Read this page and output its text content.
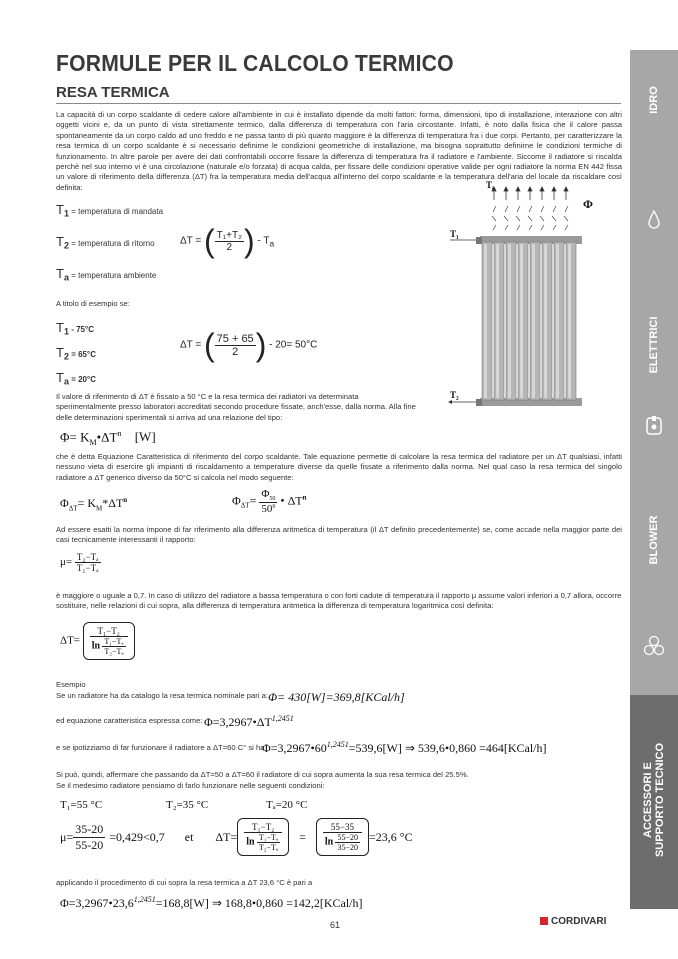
FORMULE PER IL CALCOLO TERMICO
RESA TERMICA
La capacità di un corpo scaldante di cedere calore all'ambiente in cui è installato dipende da molti fattori: forma, dimensioni, tipo di installazione, interazione con altri oggetti vicini e, da un punto di vista strettamente termico, dalla differenza di temperatura con l'aria circostante. Infatti, è noto dalla fisica che il calore passa spontaneamente da un corpo caldo ad uno freddo e ne passa tanto di più quanto maggiore è la differenza di temperatura fra i due corpi. Pertanto, per caratterizzare la resa termica di un corpo scaldante è si necessario definirne le condizioni geometriche di installazione, ma bisogna soprattutto definirne le condizioni termiche di funzionamento. In altre parole per avere dei dati confrontabili occorre fissare la differenza di temperatura fra il radiatore e l'ambiente. Siccome il radiatore si riscalda perchè nel suo interno vi è una circolazione (naturale e/o forzata) di acqua calda, per fissare delle condizioni operative valide per ogni radiatore la norma EN 442 fissa un valore di riferimento della differenza (ΔT) fra la temperatura media dell'acqua all'interno del corpo scaldante e la temperatura dell'aria del locale da riscaldare così definita:
$T_1$ = temperatura di mandata
$T_2$ = temperatura di ritorno
$T_a$ = temperatura ambiente
ΔT = ( $\frac{\text{T₁+T₂}}{2}$ ) - $T_a$
A titolo di esempio se:
$T_1 - 75^\circ C$
$T_2 = 65^\circ C$
$T_a = 20^\circ C$
ΔT = ( $\frac{75 + 65}{2}$ ) - 20= 50°C
Tₐ
Φ
T₁
T₂
Il valore di riferimento di ΔT è fissato a 50 °C e la resa termica dei radiatori va determinata sperimentalmente presso laboratori accreditati secondo procedure fissate, anch'esse, dalla norma. Alla fine delle determinazioni sperimentali si arriva ad una relazione del tipo:
$\Phi= K_M•\Delta T^n$ [W]
che è detta Equazione Caratteristica di riferimento del corpo scaldante. Tale equazione permette di calcolare la resa termica del radiatore per un ΔT qualsiasi, infatti nessuno vieta di esercire gli impianti di riscaldamento a temperature diverse da quelle fissate a riferimento dalla norma. Nel qual caso la resa termica del singolo radiatore a ΔT generico diverso da 50°C si calcola nel modo seguente:
$\Phi_{\Delta T}= K_M*\Delta T^n$	$\Phi_{\Delta T}= \frac{\Phi_{50}}{50^n}$ • $\Delta T^n$
Ad essere esatti la norma impone di far riferimento alla differenza aritmetica di temperatura (il ΔT definito precedentemente) se, come accade nella maggior parte dei casi tecnicamente interessanti il rapporto:
$\mu= \frac{\text{T₂−Tₐ}}{\text{T₁−Tₐ}}$
è maggiore o uguale a 0,7. In caso di utilizzo del radiatore a bassa temperatura o con forti cadute di temperatura il rapporto μ assume valori inferiori a 0,7 allora, occorre sostituire, nelle relazioni di cui sopra, alla differenza di temperatura aritmetica la differenza di temperatura logaritmica così definita:
$\Delta T= \frac{\text{T₁−T₂}}{\ln \frac{\text{T₁−Tₐ}}{\text{T₂−Tₐ}}}$
Esempio
Se un radiatore ha da catalogo la resa termica nominale pari a: Φ= 430[W]=369,8[KCal/h]
ed equazione caratteristica espressa come: $\Phi=3,2967•\Delta T^{1,2451}$
e se ipotizziamo di far funzionare il radiatore a ΔT=60 C° si ha
$\Phi=3,2967•60^{1,2451}=539,6[W]$ ⇒ 539,6•0,860 =464[KCal/h]
Si può, quindi, affermare che passando da ΔT=50 a ΔT=60 il radiatore di cui sopra aumenta la sua resa termica del 25.5%.
Se il medesimo radiatore pensiamo di farlo funzionare nelle seguenti condizioni:
T₁=55 °C	T₂=35 °C	Tₐ=20 °C
$\mu= \frac{35-20}{55-20} =0,429<0,7$ et $\Delta T= \frac{\text{T₁−T₂}}{\ln \frac{\text{T₁−Tₐ}}{\text{T₂−Tₐ}}} = \frac{55-35}{\ln \frac{55-20}{35-20}} =23,6$ °C
applicando il procedimento di cui sopra la resa termica a ΔT 23,6 °C è pari a
$\Phi=3,2967•23,6^{1,2451}=168,8[W]$ ⇒ 168,8•0,860 =142,2[KCal/h]
IDRO
ELETTRICI
BLOWER
ACCESSORI E SUPPORTO TECNICO
61	CORDIVARI
